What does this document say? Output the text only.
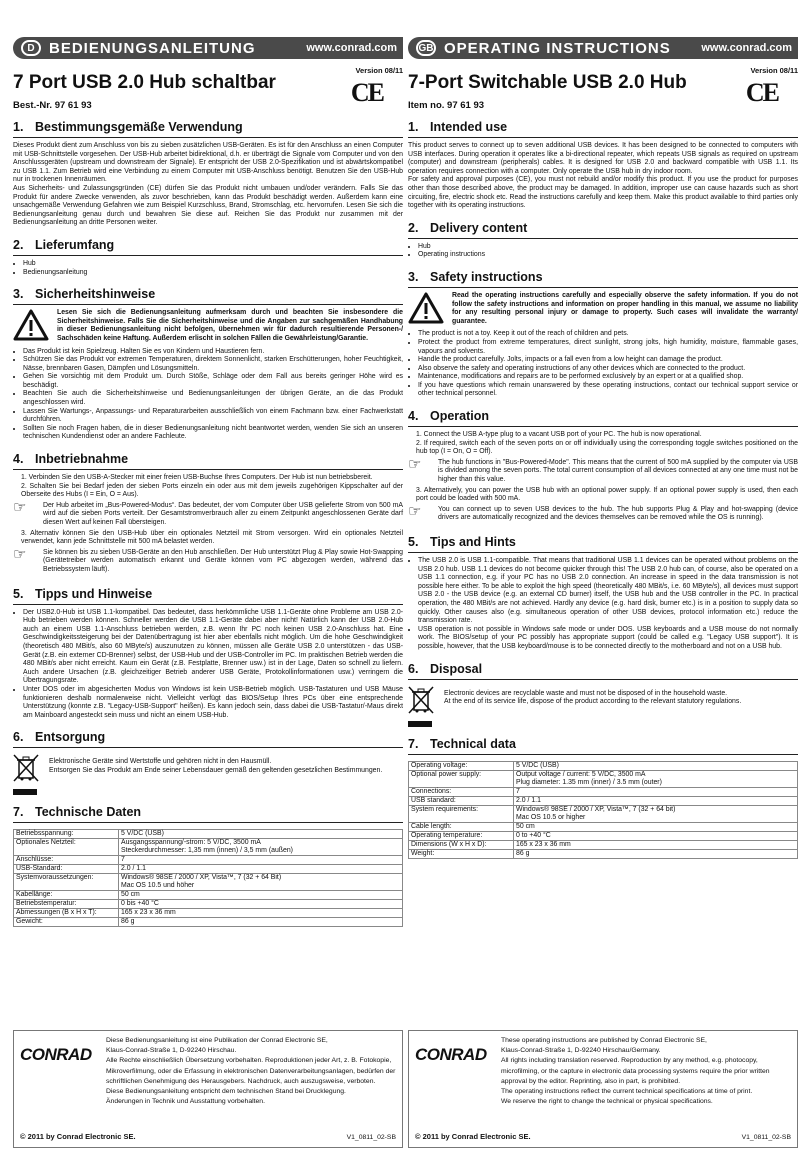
D BEDIENUNGSANLEITUNG	www.conrad.com
7 Port USB 2.0 Hub schaltbar
Version 08/11
Best.-Nr. 97 61 93	CE
1. Bestimmungsgemäße Verwendung

Dieses Produkt dient zum Anschluss von bis zu sieben zusätzlichen USB-Geräten. Es ist für den Anschluss an einen Computer mit USB-Schnittstelle vorgesehen. Der USB-Hub arbeitet bidirektional, d.h. er überträgt die Signale vom Computer und von den Anschlussgeräten (upstream und downstream der Signale). Er entspricht der USB 2.0-Spezifikation und ist abwärtskompatibel zu USB 1.1. Zum Betrieb wird eine Verbindung zu einem Computer mit USB-Anschluss benötigt. Benutzen Sie den USB-Hub nur in trockenen Innenräumen.

Aus Sicherheits- und Zulassungsgründen (CE) dürfen Sie das Produkt nicht umbauen und/oder verändern. Falls Sie das Produkt für andere Zwecke verwenden, als zuvor beschrieben, kann das Produkt beschädigt werden. Außerdem kann eine unsachgemäße Verwendung Gefahren wie zum Beispiel Kurzschluss, Brand, Stromschlag, etc. hervorrufen. Lesen Sie sich die Bedienungsanleitung genau durch und bewahren Sie diese auf. Reichen Sie das Produkt nur zusammen mit der Bedienungsanleitung an dritte Personen weiter.

2. Lieferumfang
• Hub
• Bedienungsanleitung
3. Sicherheitshinweise

Lesen Sie sich die Bedienungsanleitung aufmerksam durch und beachten Sie insbesondere die Sicherheitshinweise. Falls Sie die Sicherheitshinweise und die Angaben zur sachgemäßen Handhabung in dieser Bedienungsanleitung nicht befolgen, übernehmen wir für dadurch resultierende Personen-/ Sachschäden keine Haftung. Außerdem erlischt in solchen Fällen die Gewährleistung/Garantie.

• Das Produkt ist kein Spielzeug. Halten Sie es von Kindern und Haustieren fern.
• Schützen Sie das Produkt vor extremen Temperaturen, direktem Sonnenlicht, starken Erschütterungen, hoher Feuchtigkeit, Nässe, brennbaren Gasen, Dämpfen und Lösungsmitteln.
• Gehen Sie vorsichtig mit dem Produkt um. Durch Stöße, Schläge oder dem Fall aus bereits geringer Höhe wird es beschädigt.
• Beachten Sie auch die Sicherheitshinweise und Bedienungsanleitungen der übrigen Geräte, an die das Produkt angeschlossen wird.
• Lassen Sie Wartungs-, Anpassungs- und Reparaturarbeiten ausschließlich von einem Fachmann bzw. einer Fachwerkstatt durchführen.
• Sollten Sie noch Fragen haben, die in dieser Bedienungsanleitung nicht beantwortet werden, wenden Sie sich an unseren technischen Kundendienst oder an andere Fachleute.
4. Inbetriebnahme
1. Verbinden Sie den USB-A-Stecker mit einer freien USB-Buchse Ihres Computers. Der Hub ist nun betriebsbereit.
2. Schalten Sie bei Bedarf jeden der sieben Ports einzeln ein oder aus mit dem jeweils zugehörigen Kippschalter auf der Oberseite des Hubs (I = Ein, O = Aus).
☞	Der Hub arbeitet im „Bus-Powered-Modus“. Das bedeutet, der vom Computer über USB gelieferte Strom von 500 mA wird auf die sieben Ports verteilt. Der Gesamtstromverbrauch aller zu einem Zeitpunkt angeschlossenen Geräte darf diesen Wert auf keinen Fall übersteigen.

3. Alternativ können Sie den USB-Hub über ein optionales Netzteil mit Strom versorgen. Wird ein optionales Netzteil verwendet, kann jede Schnittstelle mit 500 mA belastet werden.
☞	Sie können bis zu sieben USB-Geräte an den Hub anschließen. Der Hub unterstützt Plug & Play sowie Hot-Swapping (Gerätetreiber werden automatisch erkannt und Geräte können vom PC abgezogen werden, während das Betriebssystem läuft).

5. Tipps und Hinweise
• Der USB2.0-Hub ist USB 1.1-kompatibel. Das bedeutet, dass herkömmliche USB 1.1-Geräte ohne Probleme am USB 2.0-Hub betrieben werden können. Schneller werden die USB 1.1-Geräte dabei aber nicht! Natürlich kann der USB 2.0-Hub auch an einem USB 1.1-Anschluss betrieben werden, z.B. wenn Ihr PC noch keinen USB 2.0-Anschluss hat. Eine Geschwindigkeitssteigerung bei der Datenübertragung ist hier aber ebenfalls nicht möglich. Um die hohe Geschwindigkeit (theoretisch 480 MBit/s, also 60 MByte/s) auszunutzen zu können, müssen alle Geräte USB 2.0 unterstützen - das USB-Gerät (z.B. ein externer CD-Brenner) selbst, der USB-Hub und der USB-Controller im PC. Im praktischen Betrieb werden die 480 MBit/s aber nicht erreicht. Kaum ein Gerät (z.B. Festplatte, Brenner usw.) ist in der Lage, Daten so schnell zu liefern. Auch andere Ursachen (z.B. gleichzeitiger Betrieb anderer USB Geräte, Protokollinformationen usw.) verringern die Übertragungsrate.
• Unter DOS oder im abgesicherten Modus von Windows ist kein USB-Betrieb möglich. USB-Tastaturen und USB Mäuse funktionieren deshalb normalerweise nicht. Vielleicht verfügt das BIOS/Setup Ihres PCs über eine entsprechende Unterstützung (konnte z.B. "Legacy-USB-Support" heißen). Es kann jedoch sein, dass dabei die USB-Tastatur/-Maus direkt am Mainboard angesteckt sein muss und nicht an einem USB-Hub.
6. Entsorgung

Elektronische Geräte sind Wertstoffe und gehören nicht in den Hausmüll.

Entsorgen Sie das Produkt am Ende seiner Lebensdauer gemäß den geltenden gesetzlichen Bestimmungen.

7. Technische Daten
Betriebsspannung:	5 V/DC (USB)
Optionales Netzteil:	Ausgangsspannung/-strom: 5 V/DC, 3500 mA
Steckerdurchmesser: 1,35 mm (innen) / 3,5 mm (außen)
Anschlüsse:	7
USB-Standard:	2.0 / 1.1
Systemvoraussetzungen:	Windows® 98SE / 2000 / XP, Vista™, 7 (32 + 64 Bit)
Mac OS 10.5 und höher
Kabellänge:	50 cm
Betriebstemperatur:	0 bis +40 °C
Abmessungen (B x H x T):	165 x 23 x 36 mm
Gewicht:	86 g
GB OPERATING INSTRUCTIONS	www.conrad.com
7-Port Switchable USB 2.0 Hub
Version 08/11
Item no. 97 61 93	CE
1. Intended use

This product serves to connect up to seven additional USB devices. It has been designed to be connected to computers with USB interfaces. During operation it operates like a bi-directional repeater, which repeats USB signals as required on upstream (computer) and downstream (peripherals) cables. It is designed for USB 2.0 and backward compatible with USB 1.1. Its operation requires connection with a computer. Only operate the USB hub in dry indoor room.

For safety and approval purposes (CE), you must not rebuild and/or modify this product. If you use the product for purposes other than those described above, the product may be damaged. In addition, improper use can cause hazards such as short circuiting, fire, electric shock etc. Read the instructions carefully and keep them. Make this product available to third parties only together with its operating instructions.

2. Delivery content
• Hub
• Operating instructions
3. Safety instructions

Read the operating instructions carefully and especially observe the safety information. If you do not follow the safety instructions and information on proper handling in this manual, we assume no liability for any resulting personal injury or damage to property. Such cases will invalidate the warranty/ guarantee.

• The product is not a toy. Keep it out of the reach of children and pets.
• Protect the product from extreme temperatures, direct sunlight, strong jolts, high humidity, moisture, flammable gases, vapours and solvents.
• Handle the product carefully. Jolts, impacts or a fall even from a low height can damage the product.
• Also observe the safety and operating instructions of any other devices which are connected to the product.
• Maintenance, modifications and repairs are to be performed exclusively by an expert or at a qualified shop.
• If you have questions which remain unanswered by these operating instructions, contact our technical support service or other technical personnel.
4. Operation
1. Connect the USB A-type plug to a vacant USB port of your PC. The hub is now operational.
2. If required, switch each of the seven ports on or off individually using the corresponding toggle switches positioned on the hub top (I = On, O = Off).
☞	The hub functions in "Bus-Powered-Mode". This means that the current of 500 mA supplied by the computer via USB is divided among the seven ports. The total current consumption of all devices connected at any one time must not be higher than this value.

3. Alternatively, you can power the USB hub with an optional power supply. If an optional power supply is used, then each port could be loaded with 500 mA.
☞	You can connect up to seven USB devices to the hub. The hub supports Plug & Play and hot-swapping (device drivers are automatically recognized and the devices themselves can be removed while the OS is running).

5. Tips and Hints
• The USB 2.0 is USB 1.1-compatible. That means that traditional USB 1.1 devices can be operated without problems on the USB 2.0 hub. USB 1.1 devices do not become quicker through this! The USB 2.0 hub can, of course, also be operated on a USB 1.1 connection, e.g. if your PC has no USB 2.0 connection. An increase in speed in the data transmission is not possible here either. To be able to exploit the high speed (theoretically 480 MBit/s, i.e. 60 MByte/s), all devices must support USB 2.0 - the USB device (e.g. an external CD burner) itself, the USB hub and the USB controller in the PC. In practical operation, the 480 MBit/s are not achieved. Hardly any device (e.g. hard disk, burner etc.) is in a position to supply data so quickly. Other causes also (e.g. simultaneous operation of other USB devices, protocol information etc.) reduce the transmission rate.
• USB operation is not possible in Windows safe mode or under DOS. USB keyboards and a USB mouse do not normally work. The BIOS/setup of your PC possibly has appropriate support (could be called e.g. "Legacy USB support"). It is possible, however, that the USB keyboard/mouse is to be connected directly to the motherboard and not on a USB hub.
6. Disposal

Electronic devices are recyclable waste and must not be disposed of in the household waste.

At the end of its service life, dispose of the product according to the relevant statutory regulations.

7. Technical data
Operating voltage:	5 V/DC (USB)
Optional power supply:	Output voltage / current: 5 V/DC, 3500 mA
Plug diameter: 1.35 mm (inner) / 3.5 mm (outer)
Connections:	7
USB standard:	2.0 / 1.1
System requirements:	Windows® 98SE / 2000 / XP, Vista™, 7 (32 + 64 bit)
Mac OS 10.5 or higher
Cable length:	50 cm
Operating temperature:	0 to +40 °C
Dimensions (W x H x D):	165 x 23 x 36 mm
Weight:	86 g
CONRAD
Diese Bedienungsanleitung ist eine Publikation der Conrad Electronic SE,
Klaus-Conrad-Straße 1, D-92240 Hirschau.
Alle Rechte einschließlich Übersetzung vorbehalten. Reproduktionen jeder Art, z. B. Fotokopie,
Mikroverfilmung, oder die Erfassung in elektronischen Datenverarbeitungsanlagen, bedürfen der
schriftlichen Genehmigung des Herausgebers. Nachdruck, auch auszugsweise, verboten.
Diese Bedienungsanleitung entspricht dem technischen Stand bei Drucklegung.
Änderungen in Technik und Ausstattung vorbehalten.
© 2011 by Conrad Electronic SE.	V1_0811_02-SB
CONRAD
These operating instructions are published by Conrad Electronic SE,
Klaus-Conrad-Straße 1, D-92240 Hirschau/Germany.
All rights including translation reserved. Reproduction by any method, e.g. photocopy,
microfilming, or the capture in electronic data processing systems require the prior written
approval by the editor. Reprinting, also in part, is prohibited.
The operating instructions reflect the current technical specifications at time of print.
We reserve the right to change the technical or physical specifications.
© 2011 by Conrad Electronic SE.	V1_0811_02-SB
